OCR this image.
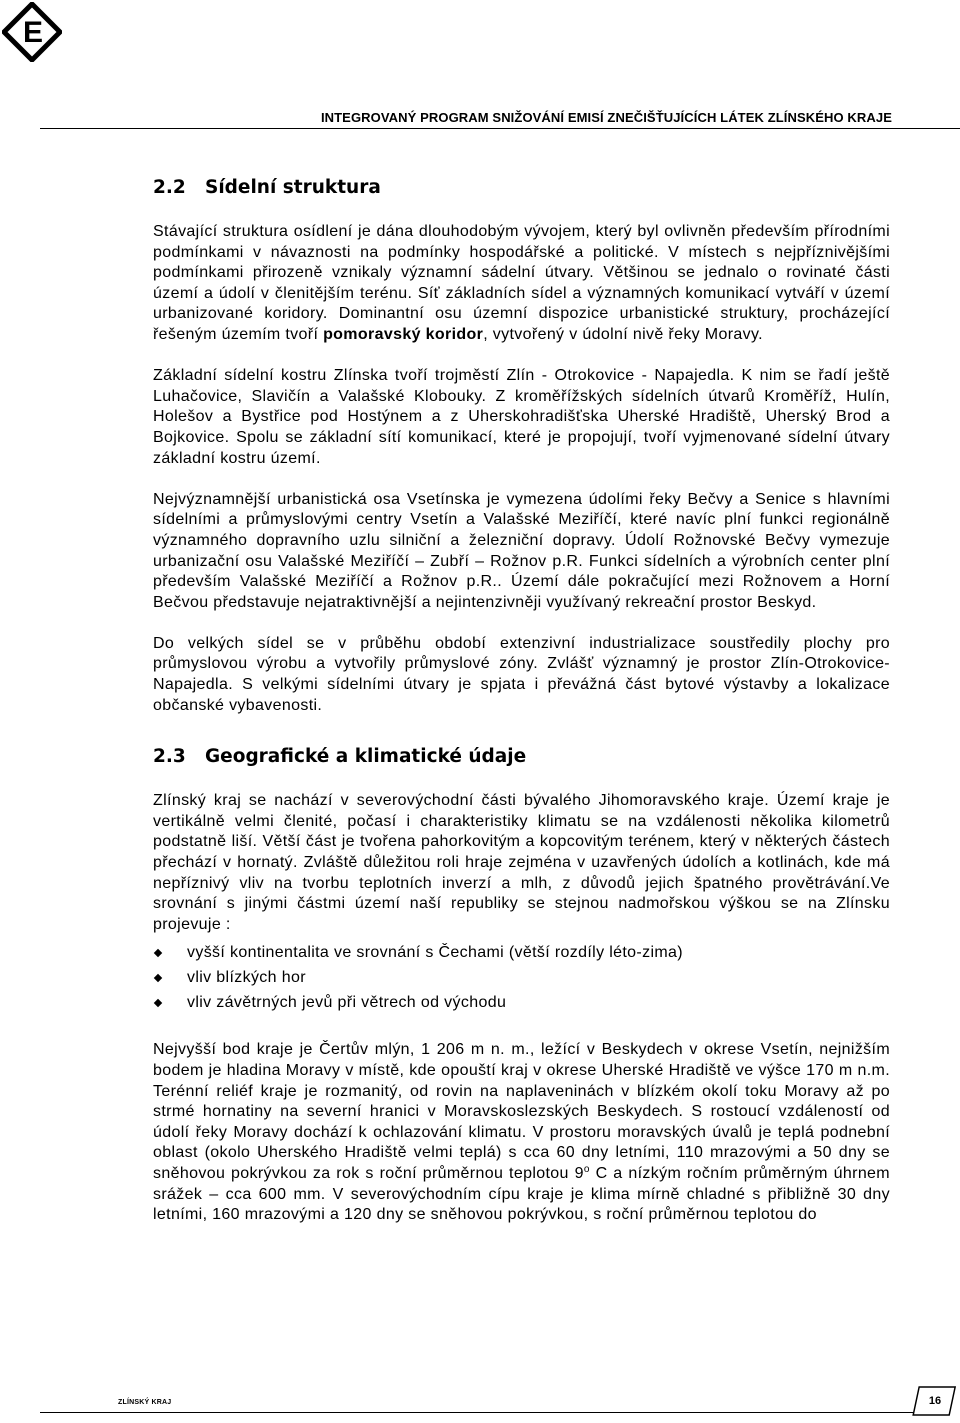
E
INTEGROVANÝ PROGRAM SNIŽOVÁNÍ EMISÍ ZNEČIŠŤUJÍCÍCH LÁTEK ZLÍNSKÉHO KRAJE
2.2 Sídelní struktura

Stávající struktura osídlení je dána dlouhodobým vývojem, který byl ovlivněn především přírodními podmínkami v návaznosti na podmínky hospodářské a politické. V místech s nejpříznivějšími podmínkami přirozeně vznikaly významní sádelní útvary. Většinou se jednalo o rovinaté části území a údolí v členitějším terénu. Síť základních sídel a významných komunikací vytváří v území urbanizované koridory. Dominantní osu územní dispozice urbanistické struktury, procházející řešeným územím tvoří pomoravský koridor, vytvořený v údolní nivě řeky Moravy.

Základní sídelní kostru Zlínska tvoří trojměstí Zlín - Otrokovice - Napajedla. K nim se řadí ještě Luhačovice, Slavičín a Valašské Klobouky. Z kroměřížských sídelních útvarů Kroměříž, Hulín, Holešov a Bystřice pod Hostýnem a z Uherskohradišťska Uherské Hradiště, Uherský Brod a Bojkovice. Spolu se základní sítí komunikací, které je propojují, tvoří vyjmenované sídelní útvary základní kostru území.

Nejvýznamnější urbanistická osa Vsetínska je vymezena údolími řeky Bečvy a Senice s hlavními sídelními a průmyslovými centry Vsetín a Valašské Meziříčí, které navíc plní funkci regionálně významného dopravního uzlu silniční a železniční dopravy. Údolí Rožnovské Bečvy vymezuje urbanizační osu Valašské Meziříčí – Zubří – Rožnov p.R. Funkci sídelních a výrobních center plní především Valašské Meziříčí a Rožnov p.R.. Území dále pokračující mezi Rožnovem a Horní Bečvou představuje nejatraktivnější a nejintenzivněji využívaný rekreační prostor Beskyd.

Do velkých sídel se v průběhu období extenzivní industrializace soustředily plochy pro průmyslovou výrobu a vytvořily průmyslové zóny. Zvlášť významný je prostor Zlín-Otrokovice-Napajedla. S velkými sídelními útvary je spjata i převážná část bytové výstavby a lokalizace občanské vybavenosti.

2.3 Geografické a klimatické údaje

Zlínský kraj se nachází v severovýchodní části bývalého Jihomoravského kraje. Území kraje je vertikálně velmi členité, počasí i charakteristiky klimatu se na vzdálenosti několika kilometrů podstatně liší. Větší část je tvořena pahorkovitým a kopcovitým terénem, který v některých částech přechází v hornatý. Zvláště důležitou roli hraje zejména v uzavřených údolích a kotlinách, kde má nepříznivý vliv na tvorbu teplotních inverzí a mlh, z důvodů jejich špatného provětrávání.Ve srovnání s jinými částmi území naší republiky se stejnou nadmořskou výškou se na Zlínsku projevuje :

vyšší kontinentalita ve srovnání s Čechami (větší rozdíly léto-zima)
vliv blízkých hor
vliv závětrných jevů při větrech od východu

Nejvyšší bod kraje je Čertův mlýn, 1 206 m n. m., ležící v Beskydech v okrese Vsetín, nejnižším bodem je hladina Moravy v místě, kde opouští kraj v okrese Uherské Hradiště ve výšce 170 m n.m. Terénní reliéf kraje je rozmanitý, od rovin na naplaveninách v blízkém okolí toku Moravy až po strmé hornatiny na severní hranici v Moravskoslezských Beskydech. S rostoucí vzdáleností od údolí řeky Moravy dochází k ochlazování klimatu. V prostoru moravských úvalů je teplá podnební oblast (okolo Uherského Hradiště velmi teplá) s cca 60 dny letními, 110 mrazovými a 50 dny se sněhovou pokrývkou za rok s roční průměrnou teplotou 9$^o$ C a nízkým ročním průměrným úhrnem srážek – cca 600 mm. V severovýchodním cípu kraje je klima mírně chladné s přibližně 30 dny letními, 160 mrazovými a 120 dny se sněhovou pokrývkou, s roční průměrnou teplotou do

ZLÍNSKÝ KRAJ	16
